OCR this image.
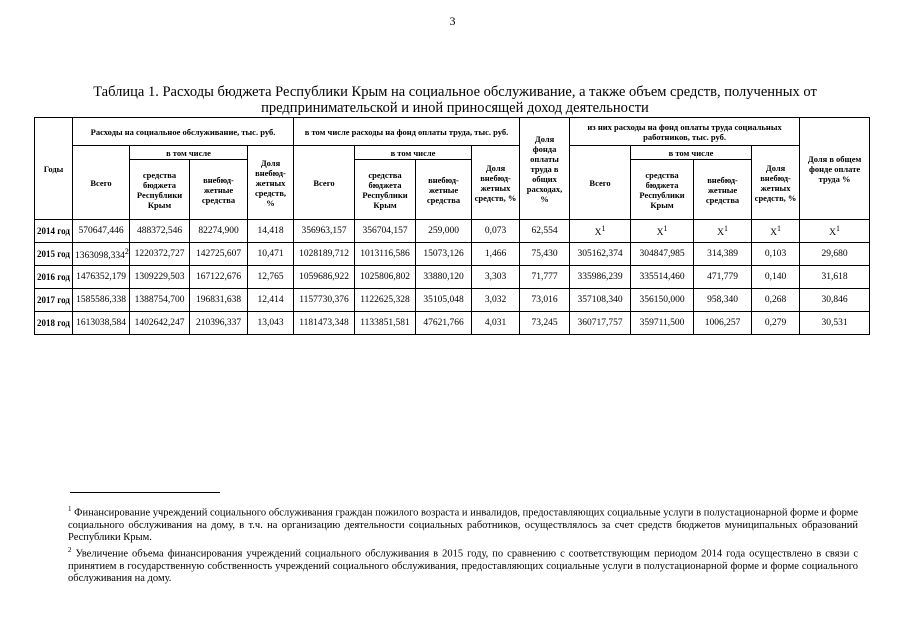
3
Таблица 1. Расходы бюджета Республики Крым на социальное обслуживание, а также объем средств, полученных от предпринимательской и иной приносящей доход деятельности
Годы	Расходы на социальное обслуживание, тыс. руб.				в том числе расходы на фонд оплаты труда, тыс. руб.				Доля фонда оплаты труда в общих расходах, %	из них расходы на фонд оплаты труда социальных работников, тыс. руб.				Доля в общем фонде оплате труда %
	Всего	в том числе		Доля внебюд-жетных средств, %	Всего	в том числе		Доля внебюд-жетных средств, %		Всего	в том числе		Доля внебюд-жетных средств, %	
		средства бюджета Республики Крым	внебюд-жетные средства			средства бюджета Республики Крым	внебюд-жетные средства				средства бюджета Республики Крым	внебюд-жетные средства		
2014 год	570647,446	488372,546	82274,900	14,418	356963,157	356704,157	259,000	0,073	62,554	$X^1$	$X^1$	$X^1$	$X^1$	$X^1$
2015 год	1363098,334$^2$	1220372,727	142725,607	10,471	1028189,712	1013116,586	15073,126	1,466	75,430	305162,374	304847,985	314,389	0,103	29,680
2016 год	1476352,179	1309229,503	167122,676	12,765	1059686,922	1025806,802	33880,120	3,303	71,777	335986,239	335514,460	471,779	0,140	31,618
2017 год	1585586,338	1388754,700	196831,638	12,414	1157730,376	1122625,328	35105,048	3,032	73,016	357108,340	356150,000	958,340	0,268	30,846
2018 год	1613038,584	1402642,247	210396,337	13,043	1181473,348	1133851,581	47621,766	4,031	73,245	360717,757	359711,500	1006,257	0,279	30,531
$^1$ Финансирование учреждений социального обслуживания граждан пожилого возраста и инвалидов, предоставляющих социальные услуги в полустационарной форме и форме социального обслуживания на дому, в т.ч. на организацию деятельности социальных работников, осуществлялось за счет средств бюджетов муниципальных образований Республики Крым.
$^2$ Увеличение объема финансирования учреждений социального обслуживания в 2015 году, по сравнению с соответствующим периодом 2014 года осуществлено в связи с принятием в государственную собственность учреждений социального обслуживания, предоставляющих социальные услуги в полустационарной форме и форме социального обслуживания на дому.
